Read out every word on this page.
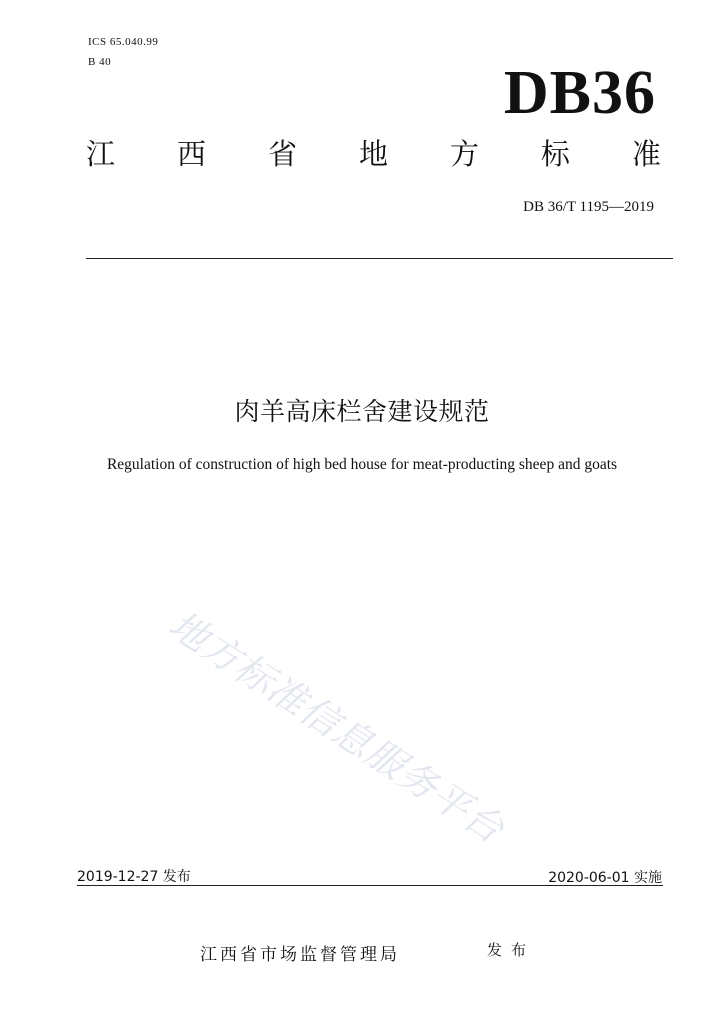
ICS 65.040.99
B 40	DB36
江 西 省 地 方 标 准
DB 36/T 1195—2019
肉羊高床栏舍建设规范
Regulation of construction of high bed house for meat-producting sheep and goats
地方标准信息服务平台
2019-12-27 发布	2020-06-01 实施
江西省市场监督管理局	发布
